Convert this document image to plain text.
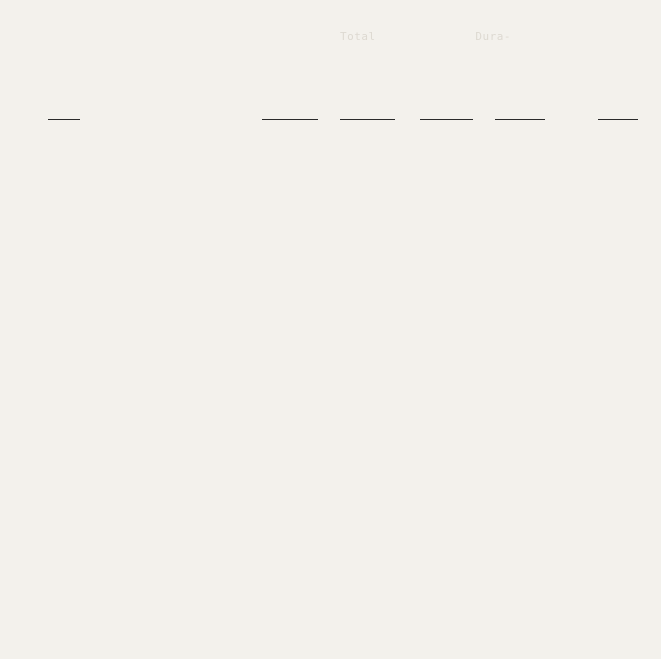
Total              Dura-
